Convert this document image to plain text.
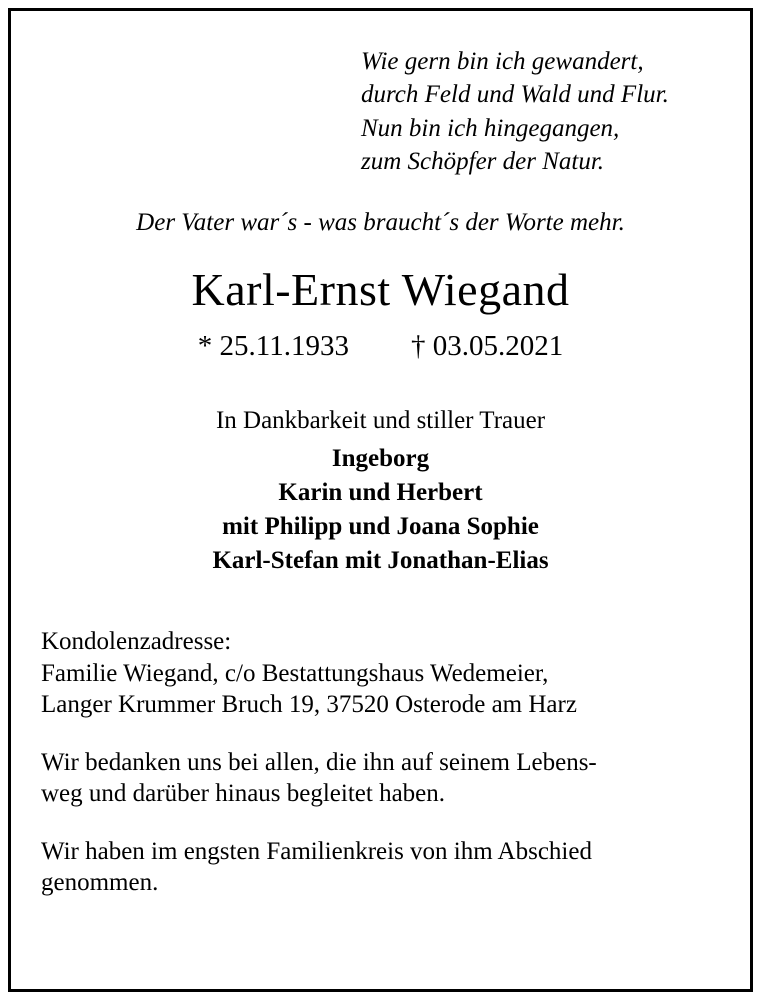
Wie gern bin ich gewandert,
durch Feld und Wald und Flur.
Nun bin ich hingegangen,
zum Schöpfer der Natur.
Der Vater war´s - was braucht´s der Worte mehr.
Karl-Ernst Wiegand
* 25.11.1933 † 03.05.2021
In Dankbarkeit und stiller Trauer
Ingeborg
Karin und Herbert
mit Philipp und Joana Sophie
Karl-Stefan mit Jonathan-Elias
Kondolenzadresse:
Familie Wiegand, c/o Bestattungshaus Wedemeier,
Langer Krummer Bruch 19, 37520 Osterode am Harz
Wir bedanken uns bei allen, die ihn auf seinem Lebens-
weg und darüber hinaus begleitet haben.
Wir haben im engsten Familienkreis von ihm Abschied
genommen.
